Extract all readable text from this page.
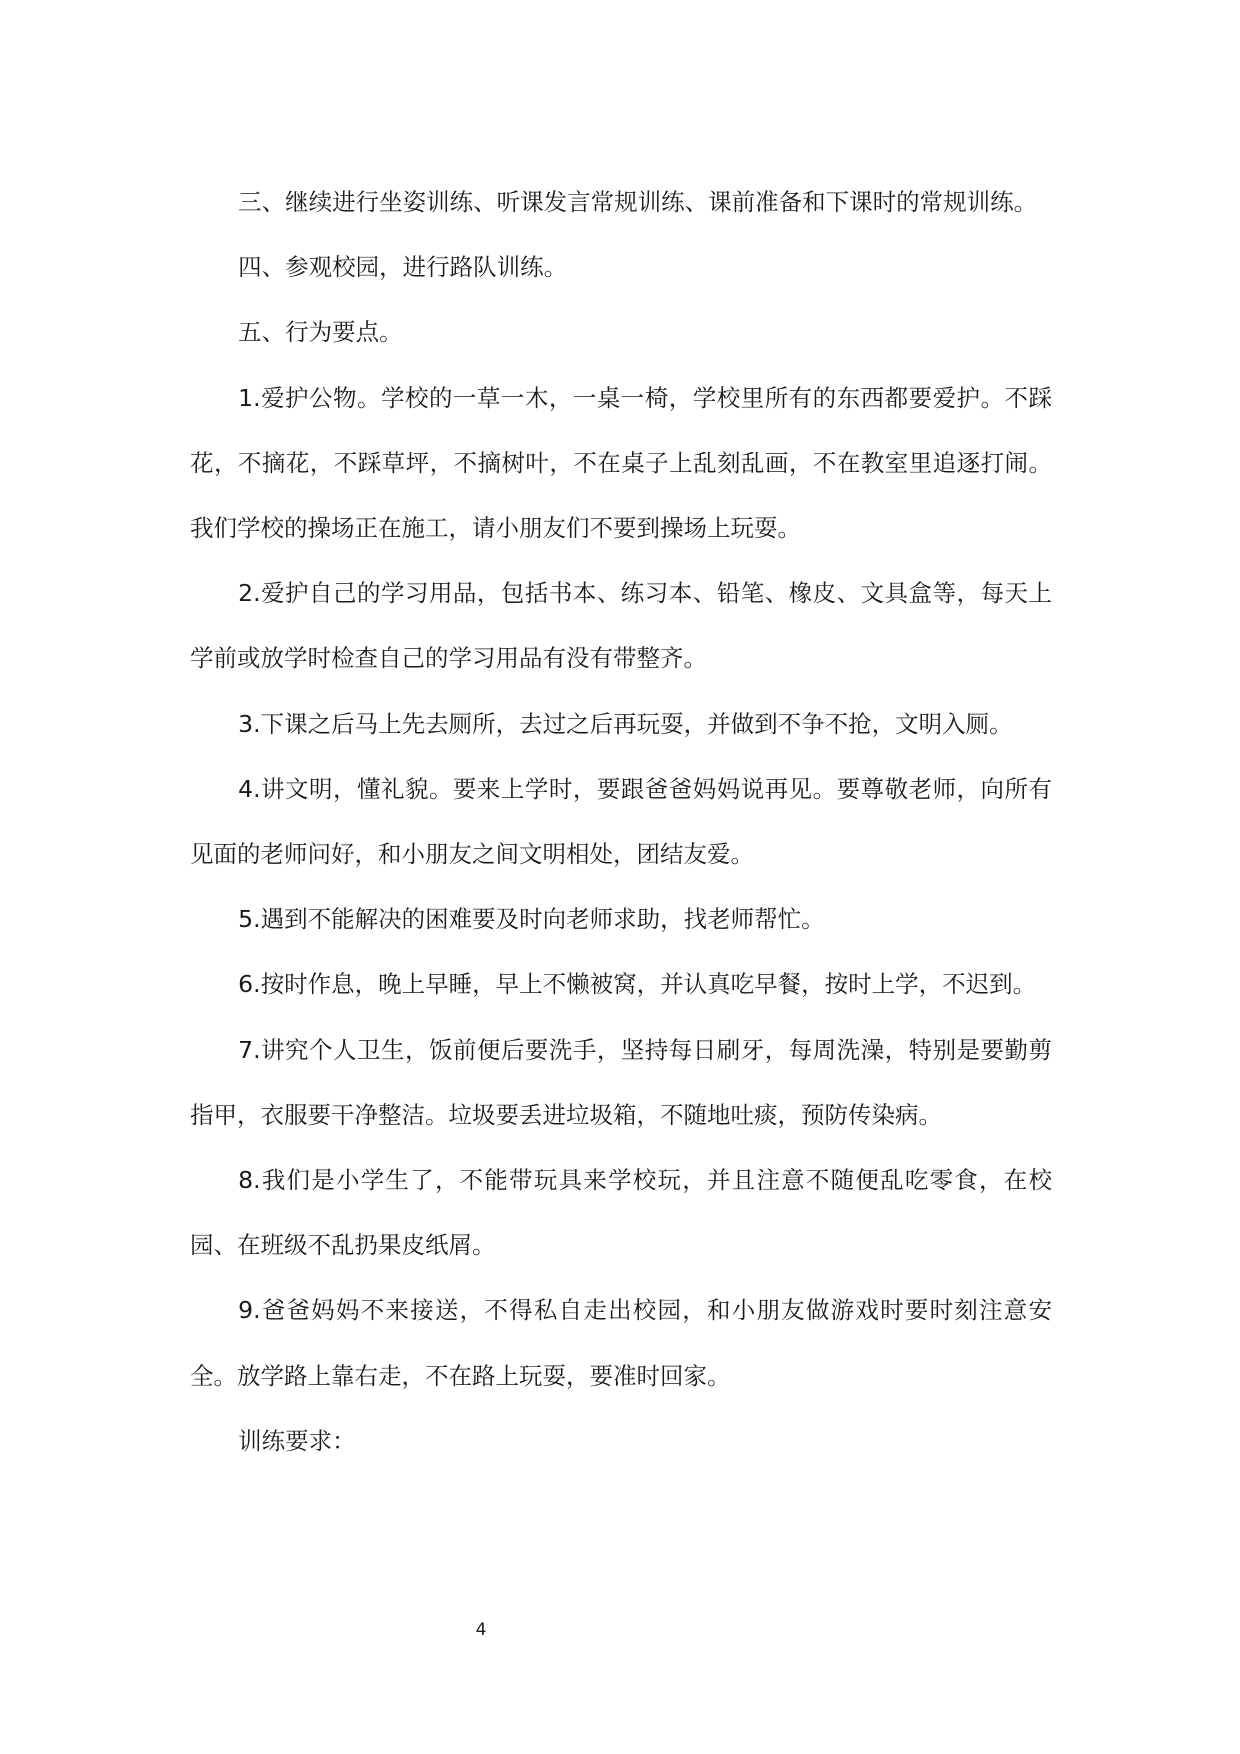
三、继续进行坐姿训练、听课发言常规训练、课前准备和下课时的常规训练。

四、参观校园，进行路队训练。

五、行为要点。

1.爱护公物。学校的一草一木，一桌一椅，学校里所有的东西都要爱护。不踩花，不摘花，不踩草坪，不摘树叶，不在桌子上乱刻乱画，不在教室里追逐打闹。我们学校的操场正在施工，请小朋友们不要到操场上玩耍。

2.爱护自己的学习用品，包括书本、练习本、铅笔、橡皮、文具盒等，每天上学前或放学时检查自己的学习用品有没有带整齐。

3.下课之后马上先去厕所，去过之后再玩耍，并做到不争不抢，文明入厕。

4.讲文明，懂礼貌。要来上学时，要跟爸爸妈妈说再见。要尊敬老师，向所有见面的老师问好，和小朋友之间文明相处，团结友爱。

5.遇到不能解决的困难要及时向老师求助，找老师帮忙。

6.按时作息，晚上早睡，早上不懒被窝，并认真吃早餐，按时上学，不迟到。

7.讲究个人卫生，饭前便后要洗手，坚持每日刷牙，每周洗澡，特别是要勤剪指甲，衣服要干净整洁。垃圾要丢进垃圾箱，不随地吐痰，预防传染病。

8.我们是小学生了，不能带玩具来学校玩，并且注意不随便乱吃零食，在校园、在班级不乱扔果皮纸屑。

9.爸爸妈妈不来接送，不得私自走出校园，和小朋友做游戏时要时刻注意安全。放学路上靠右走，不在路上玩耍，要准时回家。

训练要求：

4
